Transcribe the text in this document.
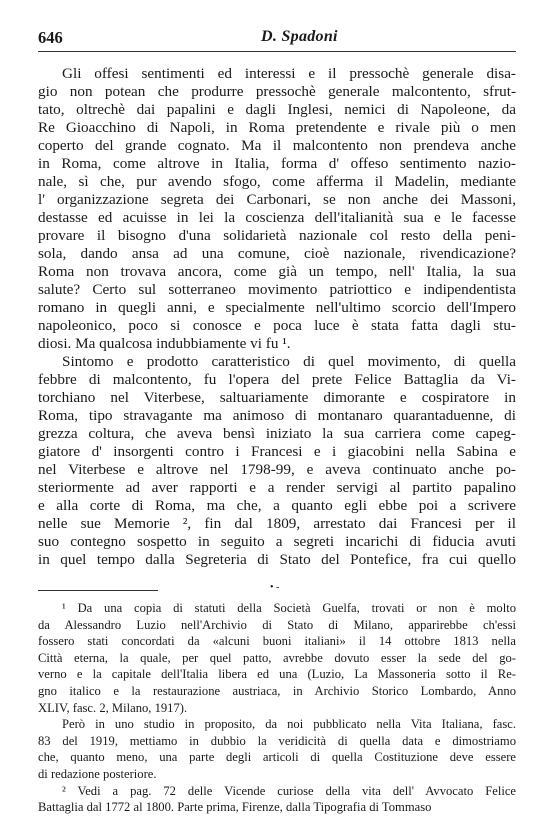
646	D. Spadoni
Gli offesi sentimenti ed interessi e il pressochè generale disa-
gio non potean che produrre pressochè generale malcontento, sfrut-
tato, oltrechè dai papalini e dagli Inglesi, nemici di Napoleone, da
Re Gioacchino di Napoli, in Roma pretendente e rivale più o men
coperto del grande cognato. Ma il malcontento non prendeva anche
in Roma, come altrove in Italia, forma d' offeso sentimento nazio-
nale, sì che, pur avendo sfogo, come afferma il Madelin, mediante
l' organizzazione segreta dei Carbonari, se non anche dei Massoni,
destasse ed acuisse in lei la coscienza dell'italianità sua e le facesse
provare il bisogno d'una solidarietà nazionale col resto della peni-
sola, dando ansa ad una comune, cioè nazionale, rivendicazione?
Roma non trovava ancora, come già un tempo, nell' Italia, la sua
salute? Certo sul sotterraneo movimento patriottico e indipendentista
romano in quegli anni, e specialmente nell'ultimo scorcio dell'Impero
napoleonico, poco si conosce e poca luce è stata fatta dagli stu-
diosi. Ma qualcosa indubbiamente vi fu ¹.
Sintomo e prodotto caratteristico di quel movimento, di quella
febbre di malcontento, fu l'opera del prete Felice Battaglia da Vi-
torchiano nel Viterbese, saltuariamente dimorante e cospiratore in
Roma, tipo stravagante ma animoso di montanaro quarantaduenne, di
grezza coltura, che aveva bensì iniziato la sua carriera come capeg-
giatore d' insorgenti contro i Francesi e i giacobini nella Sabina e
nel Viterbese e altrove nel 1798-99, e aveva continuato anche po-
steriormente ad aver rapporti e a render servigi al partito papalino
e alla corte di Roma, ma che, a quanto egli ebbe poi a scrivere
nelle sue Memorie ², fin dal 1809, arrestato dai Francesi per il
suo contegno sospetto in seguito a segreti incarichi di fiducia avuti
in quel tempo dalla Segreteria di Stato del Pontefice, fra cui quello
• -
¹ Da una copia di statuti della Società Guelfa, trovati or non è molto
da Alessandro Luzio nell'Archivio di Stato di Milano, apparirebbe ch'essi
fossero stati concordati da «alcuni buoni italiani» il 14 ottobre 1813 nella
Città eterna, la quale, per quel patto, avrebbe dovuto esser la sede del go-
verno e la capitale dell'Italia libera ed una (Luzio, La Massoneria sotto il Re-
gno italico e la restaurazione austriaca, in Archivio Storico Lombardo, Anno
XLIV, fasc. 2, Milano, 1917).
Però in uno studio in proposito, da noi pubblicato nella Vita Italiana, fasc.
83 del 1919, mettiamo in dubbio la veridicità di quella data e dimostriamo
che, quanto meno, una parte degli articoli di quella Costituzione deve essere
di redazione posteriore.
² Vedi a pag. 72 delle Vicende curiose della vita dell' Avvocato Felice
Battaglia dal 1772 al 1800. Parte prima, Firenze, dalla Tipografia di Tommaso
